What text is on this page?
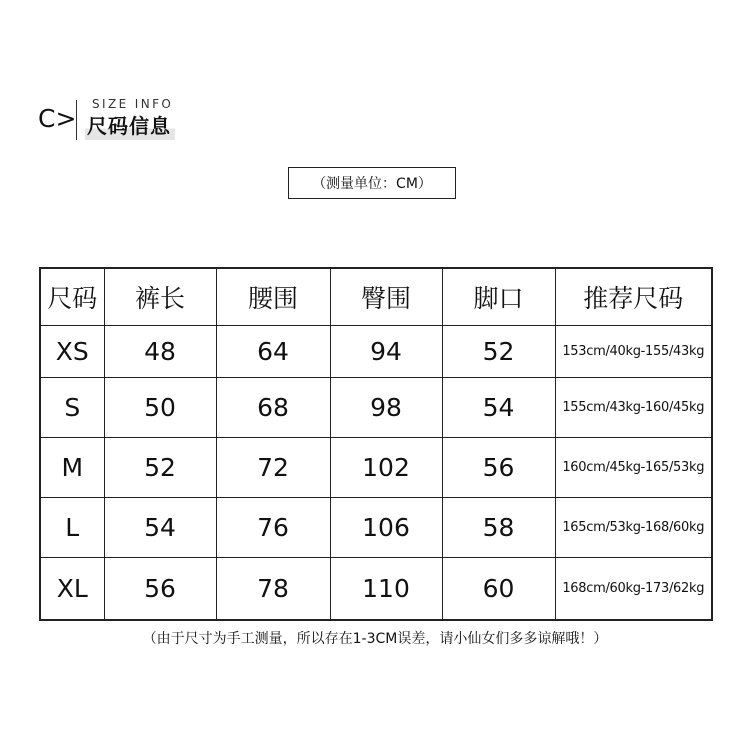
C> SIZE INFO
尺码信息
（测量单位：CM）
尺码	裤长	腰围	臀围	脚口	推荐尺码
XS	48	64	94	52	153cm/40kg-155/43kg
S	50	68	98	54	155cm/43kg-160/45kg
M	52	72	102	56	160cm/45kg-165/53kg
L	54	76	106	58	165cm/53kg-168/60kg
XL	56	78	110	60	168cm/60kg-173/62kg
（由于尺寸为手工测量，所以存在1-3CM误差，请小仙女们多多谅解哦！）
